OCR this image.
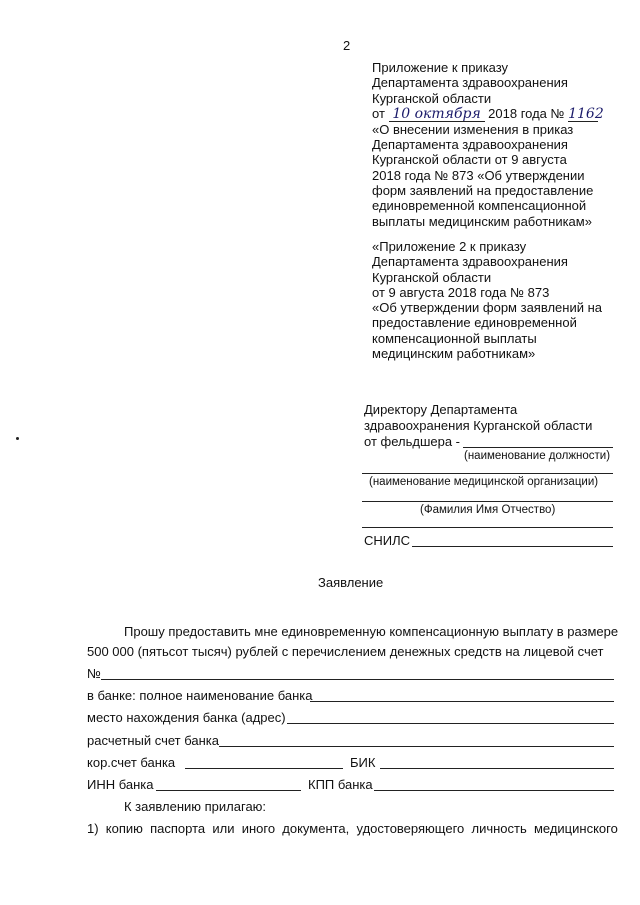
2
Приложение к приказу
Департамента здравоохранения
Курганской области
от 10 октября 2018 года № 1162
«О внесении изменения в приказ
Департамента здравоохранения
Курганской области от 9 августа
2018 года № 873 «Об утверждении
форм заявлений на предоставление
единовременной компенсационной
выплаты медицинским работникам»
«Приложение 2 к приказу
Департамента здравоохранения
Курганской области
от 9 августа 2018 года № 873
«Об утверждении форм заявлений на
предоставление единовременной
компенсационной выплаты
медицинским работникам»
Директору Департамента
здравоохранения Курганской области
от фельдшера -
(наименование должности)
(наименование медицинской организации)
(Фамилия Имя Отчество)
СНИЛС
Заявление
Прошу предоставить мне единовременную компенсационную выплату в размере
500 000 (пятьсот тысяч) рублей с перечислением денежных средств на лицевой счет
№
в банке: полное наименование банка
место нахождения банка (адрес)
расчетный счет банка
кор.счет банка	БИК
ИНН банка	КПП банка
К заявлению прилагаю:
1)  копию  паспорта  или  иного  документа,  удостоверяющего  личность  медицинского
